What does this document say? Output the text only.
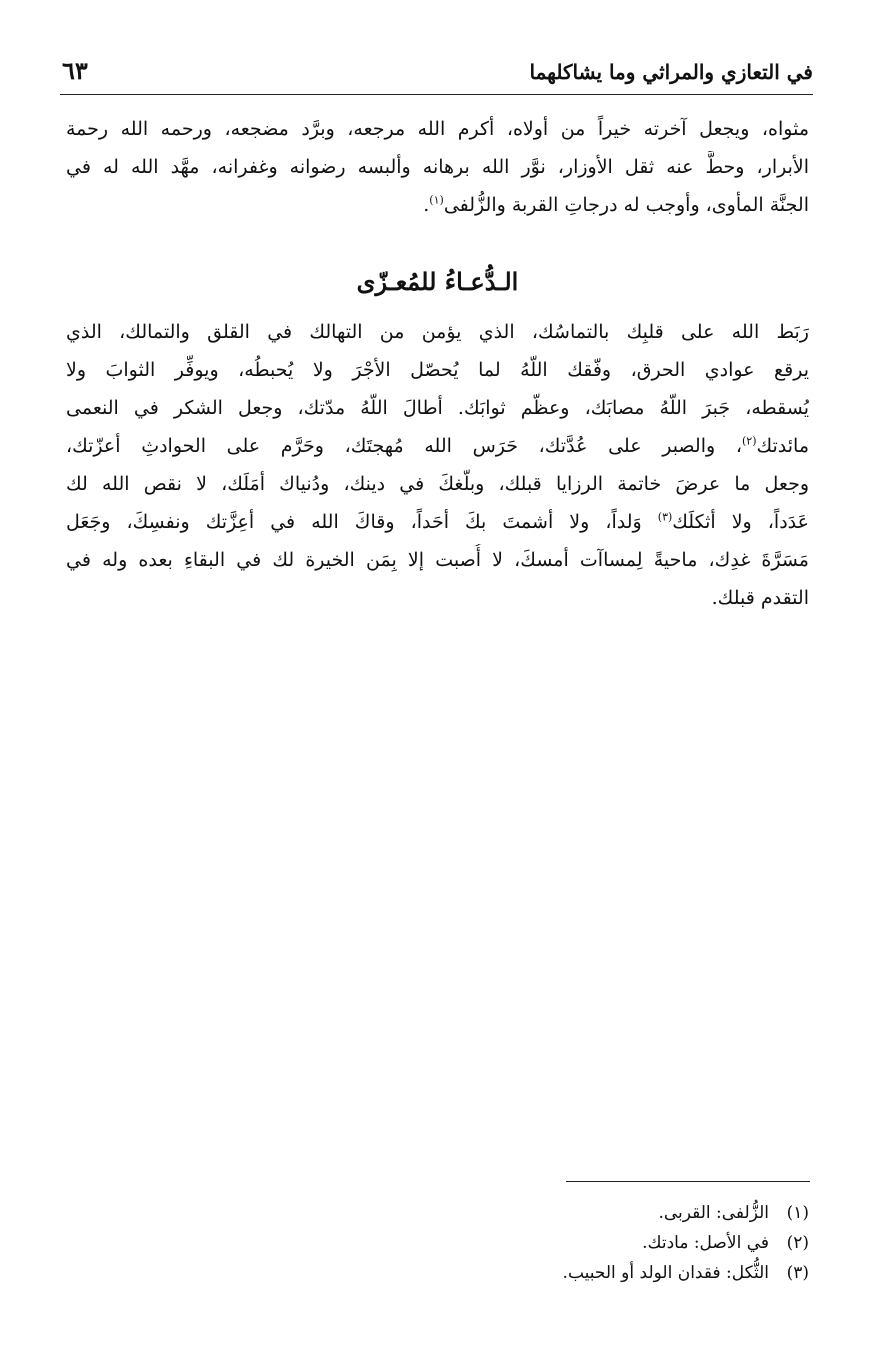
في التعازي والمراثي وما يشاكلهما
٦٣
مثواه، ويجعل آخرته خيراً من أولاه، أكرم الله مرجعه، وبرَّد مضجعه، ورحمه الله رحمة
الأبرار، وحطَّ عنه ثقل الأوزار، نوَّر الله برهانه وألبسه رضوانه وغفرانه، مهَّد الله له في
الجنَّة المأوى، وأوجب له درجاتِ القربة والزُّلفى$^{(١)}$.
الـدُّعـاءُ للمُعـزّى
رَبَط الله على قلبِك بالتماسُك، الذي يؤمن من التهالك في القلق والتمالك، الذي
يرقع عوادي الحرق، وفّقك اللّهُ لما يُحصّل الأجْرَ ولا يُحبطُه، ويوفِّر الثوابَ ولا
يُسقطه، جَبرَ اللّهُ مصابَك، وعظّم ثوابَك. أطالَ اللّهُ مدّتك، وجعل الشكر في النعمى
مائدتك$^{(٢)}$، والصبر على عُدَّتك، حَرَس الله مُهجتَك، وحَرَّم على الحوادثِ أعزّتك،
وجعل ما عرضَ خاتمة الرزايا قبلك، وبلّغكَ في دينك، ودُنياك أمَلَك، لا نقص الله لك
عَدَداً، ولا أثكلَك$^{(٣)}$ وَلداً، ولا أشمتَ بكَ أحَداً، وقاكَ الله في أعِزَّتك ونفسِكَ، وجَعَل
مَسَرَّةَ غدِك، ماحيةً لِمساآت أمسكَ، لا أُصبت إلا بِمَن الخيرة لك في البقاءِ بعده وله في
التقدم قبلك.
(١)الزُّلفى: القربى.
(٢)في الأصل: مادتك.
(٣)الثُّكل: فقدان الولد أو الحبيب.
